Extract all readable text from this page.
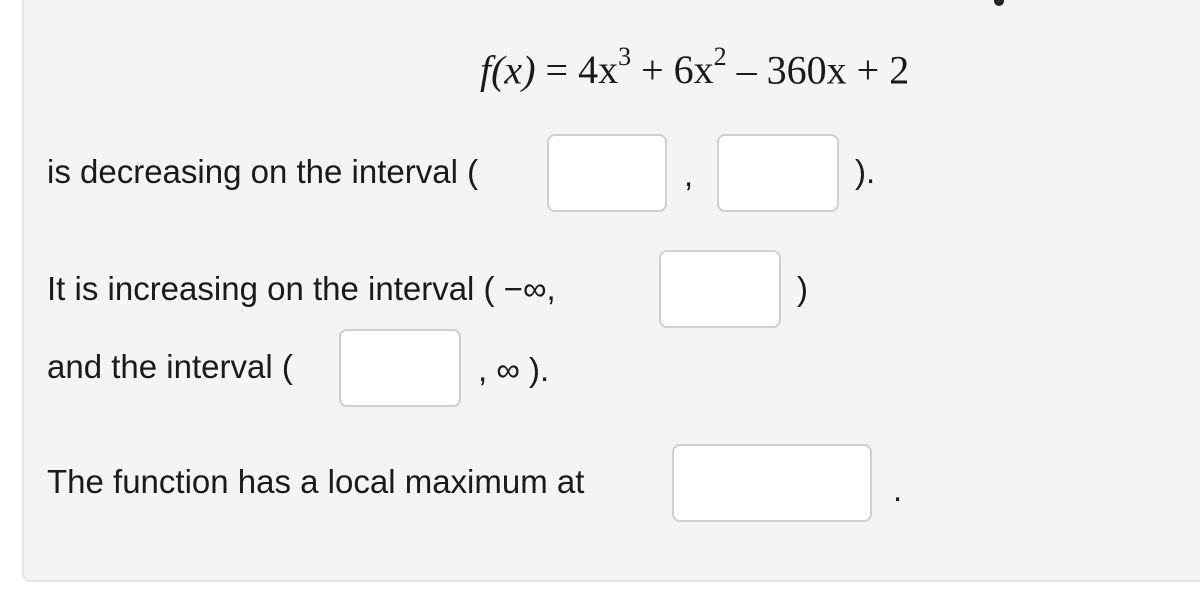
$f(x) = 4x^3 + 6x^2 - 360x + 2$
is decreasing on the interval (	,	).
It is increasing on the interval ( −∞,	)
and the interval (	, ∞ ).
The function has a local maximum at	.
